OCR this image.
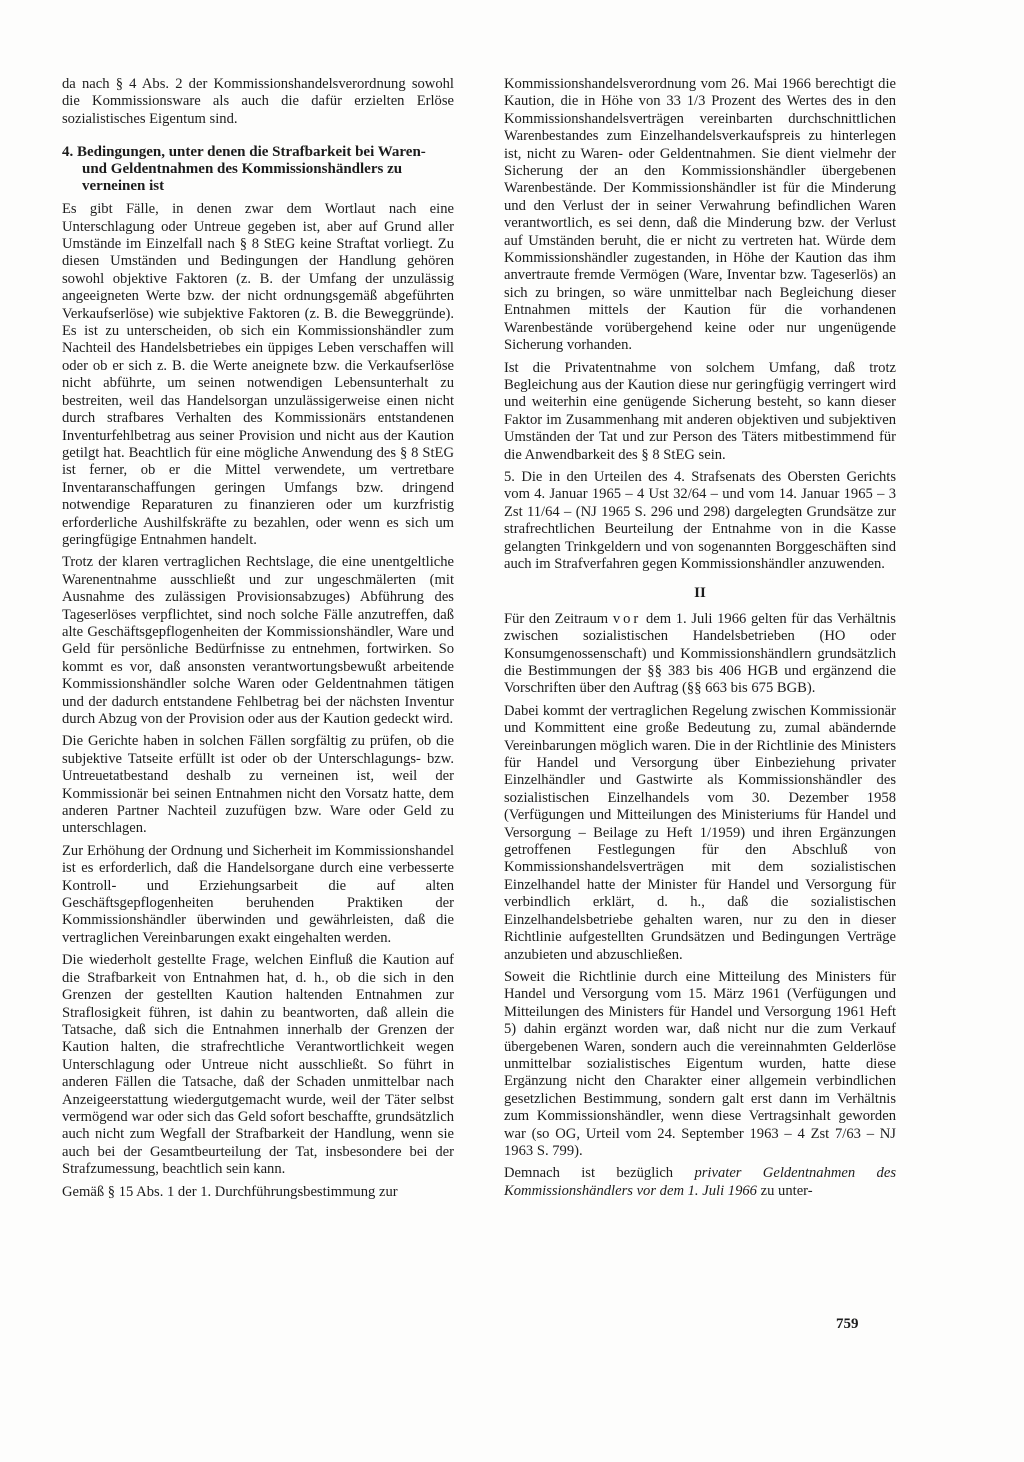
da nach § 4 Abs. 2 der Kommissionshandelsverordnung sowohl die Kommissionsware als auch die dafür erzielten Erlöse sozialistisches Eigentum sind.

4. Bedingungen, unter denen die Strafbarkeit bei Waren- und Geldentnahmen des Kommissionshändlers zu verneinen ist

Es gibt Fälle, in denen zwar dem Wortlaut nach eine Unterschlagung oder Untreue gegeben ist, aber auf Grund aller Umstände im Einzelfall nach § 8 StEG keine Straftat vorliegt. Zu diesen Umständen und Bedingungen der Handlung gehören sowohl objektive Faktoren (z. B. der Umfang der unzulässig angeeigneten Werte bzw. der nicht ordnungsgemäß abgeführten Verkaufserlöse) wie subjektive Faktoren (z. B. die Beweggründe). Es ist zu unterscheiden, ob sich ein Kommissionshändler zum Nachteil des Handelsbetriebes ein üppiges Leben verschaffen will oder ob er sich z. B. die Werte aneignete bzw. die Verkaufserlöse nicht abführte, um seinen notwendigen Lebensunterhalt zu bestreiten, weil das Handelsorgan unzulässigerweise einen nicht durch strafbares Verhalten des Kommissionärs entstandenen Inventurfehlbetrag aus seiner Provision und nicht aus der Kaution getilgt hat. Beachtlich für eine mögliche Anwendung des § 8 StEG ist ferner, ob er die Mittel verwendete, um vertretbare Inventaranschaffungen geringen Umfangs bzw. dringend notwendige Reparaturen zu finanzieren oder um kurzfristig erforderliche Aushilfskräfte zu bezahlen, oder wenn es sich um geringfügige Entnahmen handelt.

Trotz der klaren vertraglichen Rechtslage, die eine unentgeltliche Warenentnahme ausschließt und zur ungeschmälerten (mit Ausnahme des zulässigen Provisionsabzuges) Abführung des Tageserlöses verpflichtet, sind noch solche Fälle anzutreffen, daß alte Geschäftsgepflogenheiten der Kommissionshändler, Ware und Geld für persönliche Bedürfnisse zu entnehmen, fortwirken. So kommt es vor, daß ansonsten verantwortungsbewußt arbeitende Kommissionshändler solche Waren oder Geldentnahmen tätigen und der dadurch entstandene Fehlbetrag bei der nächsten Inventur durch Abzug von der Provision oder aus der Kaution gedeckt wird.

Die Gerichte haben in solchen Fällen sorgfältig zu prüfen, ob die subjektive Tatseite erfüllt ist oder ob der Unterschlagungs- bzw. Untreuetatbestand deshalb zu verneinen ist, weil der Kommissionär bei seinen Entnahmen nicht den Vorsatz hatte, dem anderen Partner Nachteil zuzufügen bzw. Ware oder Geld zu unterschlagen.

Zur Erhöhung der Ordnung und Sicherheit im Kommissionshandel ist es erforderlich, daß die Handelsorgane durch eine verbesserte Kontroll- und Erziehungsarbeit die auf alten Geschäftsgepflogenheiten beruhenden Praktiken der Kommissionshändler überwinden und gewährleisten, daß die vertraglichen Vereinbarungen exakt eingehalten werden.

Die wiederholt gestellte Frage, welchen Einfluß die Kaution auf die Strafbarkeit von Entnahmen hat, d. h., ob die sich in den Grenzen der gestellten Kaution haltenden Entnahmen zur Straflosigkeit führen, ist dahin zu beantworten, daß allein die Tatsache, daß sich die Entnahmen innerhalb der Grenzen der Kaution halten, die strafrechtliche Verantwortlichkeit wegen Unterschlagung oder Untreue nicht ausschließt. So führt in anderen Fällen die Tatsache, daß der Schaden unmittelbar nach Anzeigeerstattung wiedergutgemacht wurde, weil der Täter selbst vermögend war oder sich das Geld sofort beschaffte, grundsätzlich auch nicht zum Wegfall der Strafbarkeit der Handlung, wenn sie auch bei der Gesamtbeurteilung der Tat, insbesondere bei der Strafzumessung, beachtlich sein kann.

Gemäß § 15 Abs. 1 der 1. Durchführungsbestimmung zur

Kommissionshandelsverordnung vom 26. Mai 1966 berechtigt die Kaution, die in Höhe von 33 1/3 Prozent des Wertes des in den Kommissionshandelsverträgen vereinbarten durchschnittlichen Warenbestandes zum Einzelhandelsverkaufspreis zu hinterlegen ist, nicht zu Waren- oder Geldentnahmen. Sie dient vielmehr der Sicherung der an den Kommissionshändler übergebenen Warenbestände. Der Kommissionshändler ist für die Minderung und den Verlust der in seiner Verwahrung befindlichen Waren verantwortlich, es sei denn, daß die Minderung bzw. der Verlust auf Umständen beruht, die er nicht zu vertreten hat. Würde dem Kommissionshändler zugestanden, in Höhe der Kaution das ihm anvertraute fremde Vermögen (Ware, Inventar bzw. Tageserlös) an sich zu bringen, so wäre unmittelbar nach Begleichung dieser Entnahmen mittels der Kaution für die vorhandenen Warenbestände vorübergehend keine oder nur ungenügende Sicherung vorhanden.

Ist die Privatentnahme von solchem Umfang, daß trotz Begleichung aus der Kaution diese nur geringfügig verringert wird und weiterhin eine genügende Sicherung besteht, so kann dieser Faktor im Zusammenhang mit anderen objektiven und subjektiven Umständen der Tat und zur Person des Täters mitbestimmend für die Anwendbarkeit des § 8 StEG sein.

5. Die in den Urteilen des 4. Strafsenats des Obersten Gerichts vom 4. Januar 1965 – 4 Ust 32/64 – und vom 14. Januar 1965 – 3 Zst 11/64 – (NJ 1965 S. 296 und 298) dargelegten Grundsätze zur strafrechtlichen Beurteilung der Entnahme von in die Kasse gelangten Trinkgeldern und von sogenannten Borggeschäften sind auch im Strafverfahren gegen Kommissionshändler anzuwenden.

II

Für den Zeitraum vor dem 1. Juli 1966 gelten für das Verhältnis zwischen sozialistischen Handelsbetrieben (HO oder Konsumgenossenschaft) und Kommissionshändlern grundsätzlich die Bestimmungen der §§ 383 bis 406 HGB und ergänzend die Vorschriften über den Auftrag (§§ 663 bis 675 BGB).

Dabei kommt der vertraglichen Regelung zwischen Kommissionär und Kommittent eine große Bedeutung zu, zumal abändernde Vereinbarungen möglich waren. Die in der Richtlinie des Ministers für Handel und Versorgung über Einbeziehung privater Einzelhändler und Gastwirte als Kommissionshändler des sozialistischen Einzelhandels vom 30. Dezember 1958 (Verfügungen und Mitteilungen des Ministeriums für Handel und Versorgung – Beilage zu Heft 1/1959) und ihren Ergänzungen getroffenen Festlegungen für den Abschluß von Kommissionshandelsverträgen mit dem sozialistischen Einzelhandel hatte der Minister für Handel und Versorgung für verbindlich erklärt, d. h., daß die sozialistischen Einzelhandelsbetriebe gehalten waren, nur zu den in dieser Richtlinie aufgestellten Grundsätzen und Bedingungen Verträge anzubieten und abzuschließen.

Soweit die Richtlinie durch eine Mitteilung des Ministers für Handel und Versorgung vom 15. März 1961 (Verfügungen und Mitteilungen des Ministers für Handel und Versorgung 1961 Heft 5) dahin ergänzt worden war, daß nicht nur die zum Verkauf übergebenen Waren, sondern auch die vereinnahmten Gelderlöse unmittelbar sozialistisches Eigentum wurden, hatte diese Ergänzung nicht den Charakter einer allgemein verbindlichen gesetzlichen Bestimmung, sondern galt erst dann im Verhältnis zum Kommissionshändler, wenn diese Vertragsinhalt geworden war (so OG, Urteil vom 24. September 1963 – 4 Zst 7/63 – NJ 1963 S. 799).

Demnach ist bezüglich privater Geldentnahmen des Kommissionshändlers vor dem 1. Juli 1966 zu unter-

759
